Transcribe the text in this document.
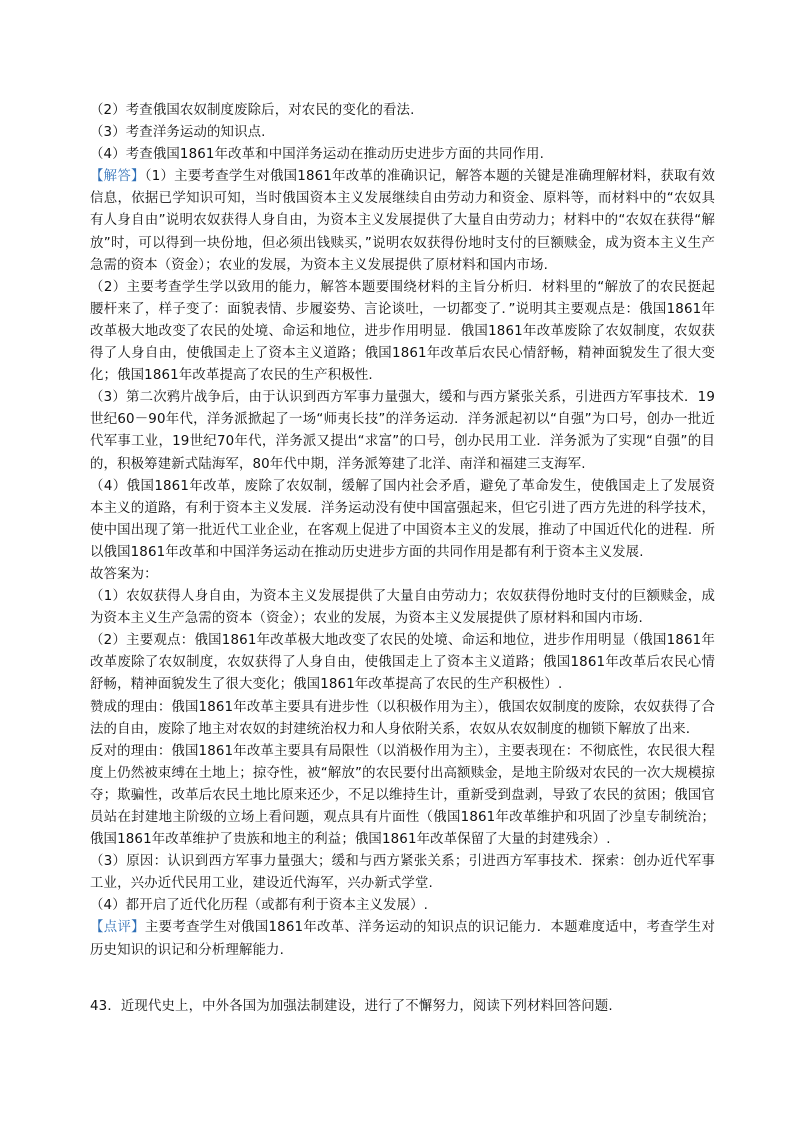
（2）考查俄国农奴制度废除后，对农民的变化的看法.
（3）考查洋务运动的知识点.
（4）考查俄国1861年改革和中国洋务运动在推动历史进步方面的共同作用.
【解答】（1）主要考查学生对俄国1861年改革的准确识记，解答本题的关键是准确理解材料，获取有效信息，依据已学知识可知，当时俄国资本主义发展继续自由劳动力和资金、原料等，而材料中的“农奴具有人身自由”说明农奴获得人身自由，为资本主义发展提供了大量自由劳动力；材料中的“农奴在获得“解放”时，可以得到一块份地，但必须出钱赎买，”说明农奴获得份地时支付的巨额赎金，成为资本主义生产急需的资本（资金）；农业的发展，为资本主义发展提供了原材料和国内市场.
（2）主要考查学生学以致用的能力，解答本题要围绕材料的主旨分析归．材料里的“解放了的农民挺起腰杆来了，样子变了：面貌表情、步履姿势、言论谈吐，一切都变了．”说明其主要观点是：俄国1861年改革极大地改变了农民的处境、命运和地位，进步作用明显．俄国1861年改革废除了农奴制度，农奴获得了人身自由，使俄国走上了资本主义道路；俄国1861年改革后农民心情舒畅，精神面貌发生了很大变化；俄国1861年改革提高了农民的生产积极性.
（3）第二次鸦片战争后，由于认识到西方军事力量强大，缓和与西方紧张关系，引进西方军事技术．19世纪60－90年代，洋务派掀起了一场“师夷长技”的洋务运动．洋务派起初以“自强”为口号，创办一批近代军事工业，19世纪70年代，洋务派又提出“求富”的口号，创办民用工业．洋务派为了实现“自强”的目的，积极筹建新式陆海军，80年代中期，洋务派筹建了北洋、南洋和福建三支海军.
（4）俄国1861年改革，废除了农奴制，缓解了国内社会矛盾，避免了革命发生，使俄国走上了发展资本主义的道路，有利于资本主义发展．洋务运动没有使中国富强起来，但它引进了西方先进的科学技术，使中国出现了第一批近代工业企业，在客观上促进了中国资本主义的发展，推动了中国近代化的进程．所以俄国1861年改革和中国洋务运动在推动历史进步方面的共同作用是都有利于资本主义发展.
故答案为：
（1）农奴获得人身自由，为资本主义发展提供了大量自由劳动力；农奴获得份地时支付的巨额赎金，成为资本主义生产急需的资本（资金）；农业的发展，为资本主义发展提供了原材料和国内市场.
（2）主要观点：俄国1861年改革极大地改变了农民的处境、命运和地位，进步作用明显（俄国1861年改革废除了农奴制度，农奴获得了人身自由，使俄国走上了资本主义道路；俄国1861年改革后农民心情舒畅，精神面貌发生了很大变化；俄国1861年改革提高了农民的生产积极性）.
赞成的理由：俄国1861年改革主要具有进步性（以积极作用为主），俄国农奴制度的废除，农奴获得了合法的自由，废除了地主对农奴的封建统治权力和人身依附关系，农奴从农奴制度的枷锁下解放了出来.
反对的理由：俄国1861年改革主要具有局限性（以消极作用为主），主要表现在：不彻底性，农民很大程度上仍然被束缚在土地上；掠夺性，被“解放”的农民要付出高额赎金，是地主阶级对农民的一次大规模掠夺；欺骗性，改革后农民土地比原来还少，不足以维持生计，重新受到盘剥，导致了农民的贫困；俄国官员站在封建地主阶级的立场上看问题，观点具有片面性（俄国1861年改革维护和巩固了沙皇专制统治；俄国1861年改革维护了贵族和地主的利益；俄国1861年改革保留了大量的封建残余）.
（3）原因：认识到西方军事力量强大；缓和与西方紧张关系；引进西方军事技术．探索：创办近代军事工业，兴办近代民用工业，建设近代海军，兴办新式学堂.
（4）都开启了近代化历程（或都有利于资本主义发展）.
【点评】主要考查学生对俄国1861年改革、洋务运动的知识点的识记能力．本题难度适中，考查学生对历史知识的识记和分析理解能力.
43．近现代史上，中外各国为加强法制建设，进行了不懈努力，阅读下列材料回答问题.
